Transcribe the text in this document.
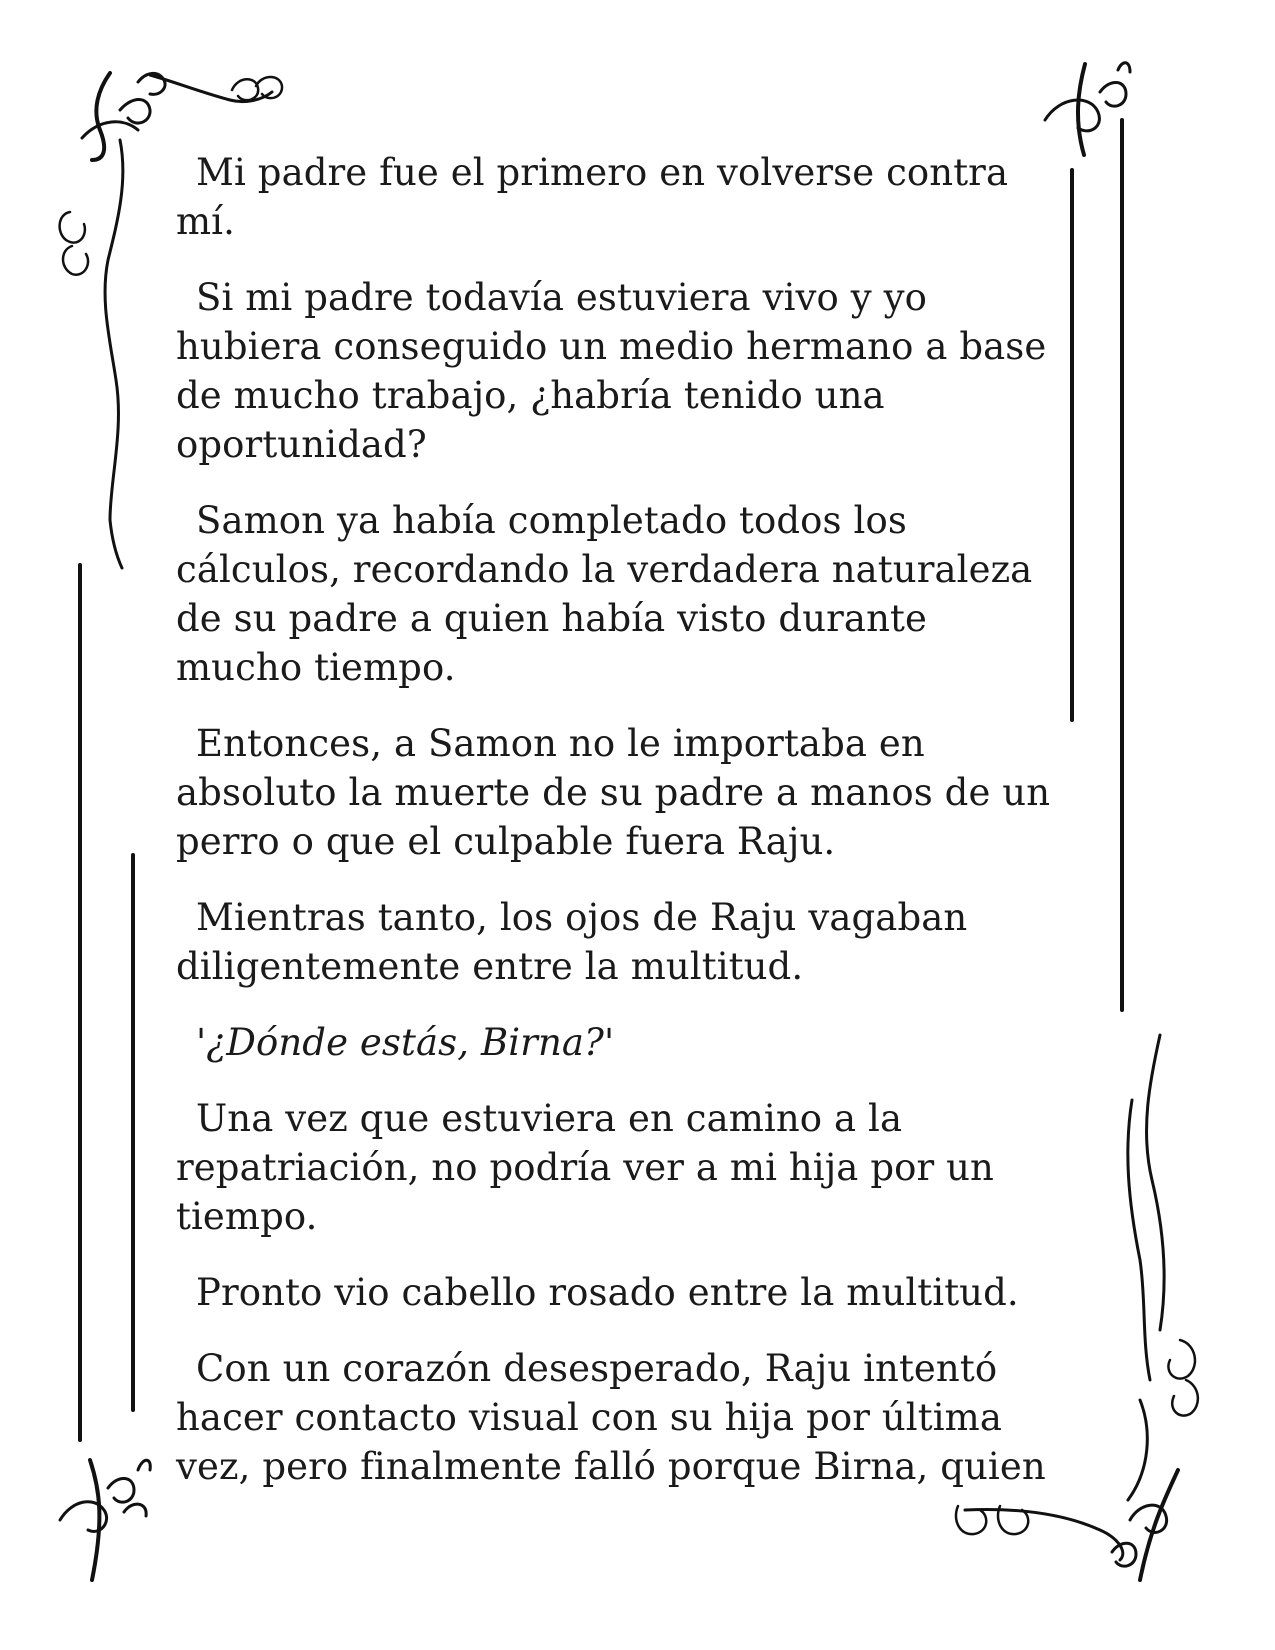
Mi padre fue el primero en volverse contra
mí.

Si mi padre todavía estuviera vivo y yo
hubiera conseguido un medio hermano a base
de mucho trabajo, ¿habría tenido una
oportunidad?

Samon ya había completado todos los
cálculos, recordando la verdadera naturaleza
de su padre a quien había visto durante
mucho tiempo.

Entonces, a Samon no le importaba en
absoluto la muerte de su padre a manos de un
perro o que el culpable fuera Raju.

Mientras tanto, los ojos de Raju vagaban
diligentemente entre la multitud.

'¿Dónde estás, Birna?'

Una vez que estuviera en camino a la
repatriación, no podría ver a mi hija por un
tiempo.

Pronto vio cabello rosado entre la multitud.

Con un corazón desesperado, Raju intentó
hacer contacto visual con su hija por última
vez, pero finalmente falló porque Birna, quien
